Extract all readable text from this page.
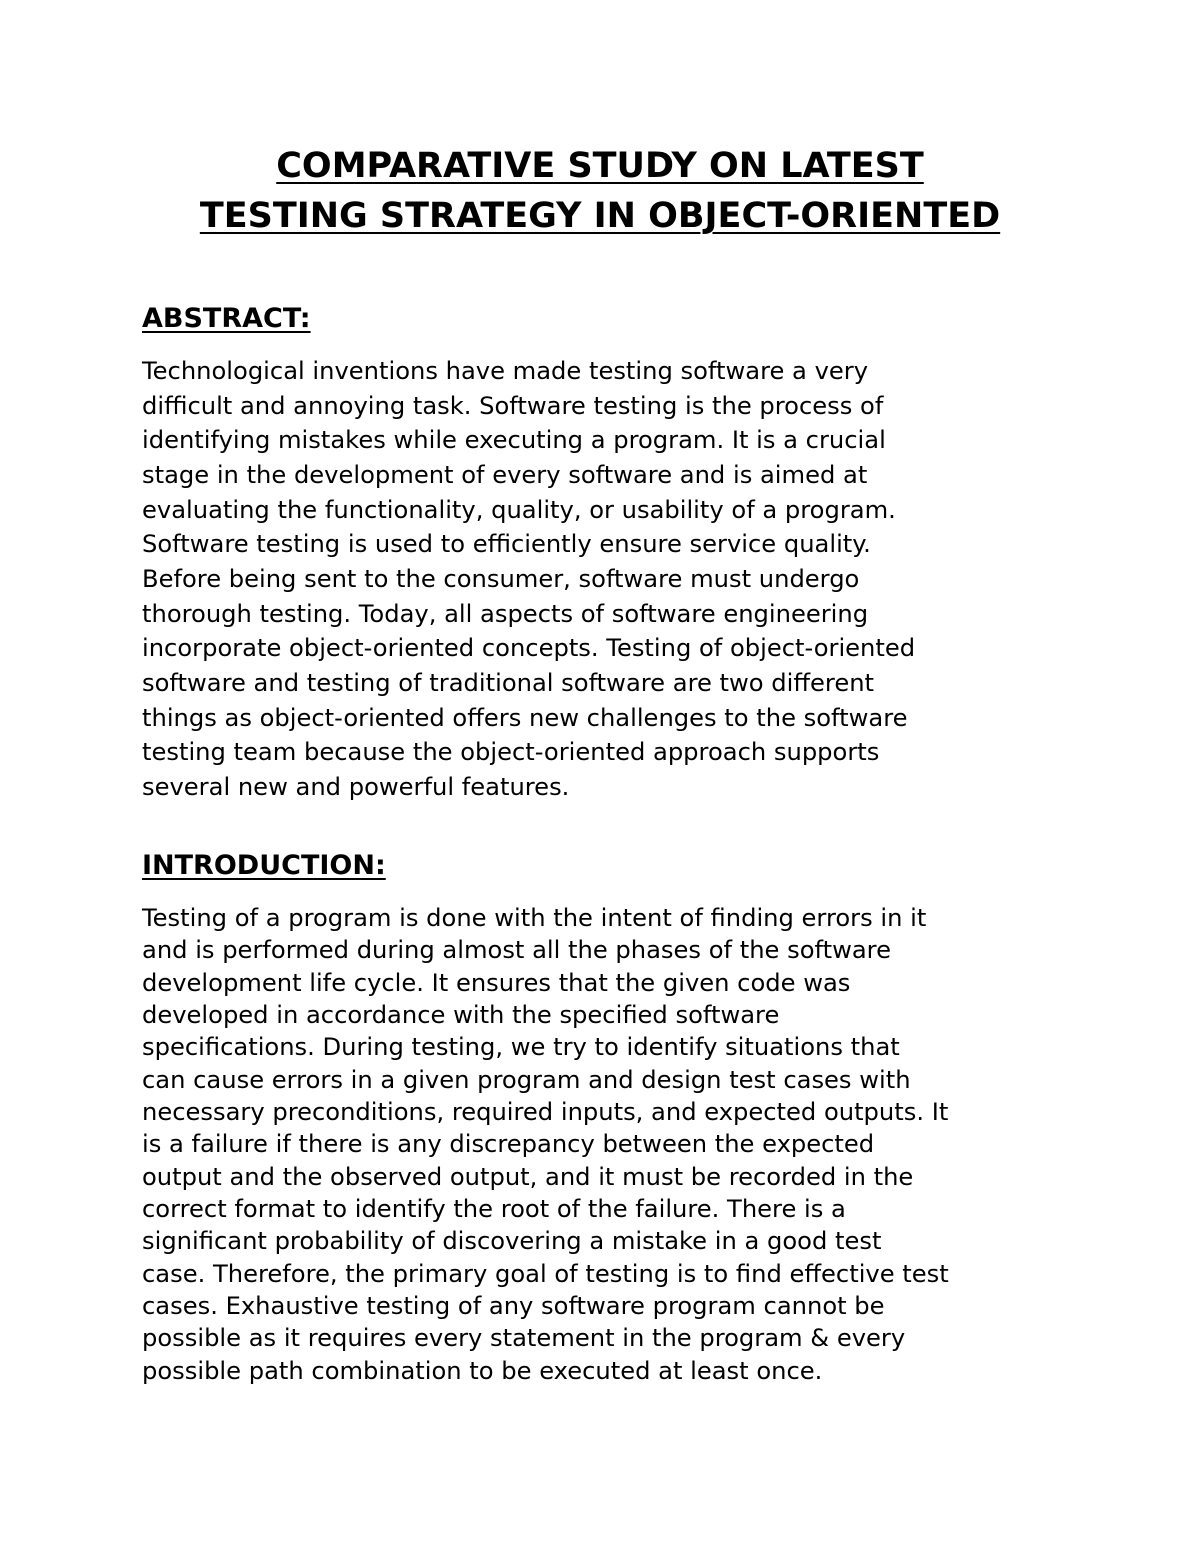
COMPARATIVE STUDY ON LATEST
TESTING STRATEGY IN OBJECT-ORIENTED
ABSTRACT:

Technological inventions have made testing software a very
difficult and annoying task. Software testing is the process of
identifying mistakes while executing a program. It is a crucial
stage in the development of every software and is aimed at
evaluating the functionality, quality, or usability of a program.
Software testing is used to efficiently ensure service quality.
Before being sent to the consumer, software must undergo
thorough testing. Today, all aspects of software engineering
incorporate object-oriented concepts. Testing of object-oriented
software and testing of traditional software are two different
things as object-oriented offers new challenges to the software
testing team because the object-oriented approach supports
several new and powerful features.

INTRODUCTION:

Testing of a program is done with the intent of finding errors in it
and is performed during almost all the phases of the software
development life cycle. It ensures that the given code was
developed in accordance with the specified software
specifications. During testing, we try to identify situations that
can cause errors in a given program and design test cases with
necessary preconditions, required inputs, and expected outputs. It
is a failure if there is any discrepancy between the expected
output and the observed output, and it must be recorded in the
correct format to identify the root of the failure. There is a
significant probability of discovering a mistake in a good test
case. Therefore, the primary goal of testing is to find effective test
cases. Exhaustive testing of any software program cannot be
possible as it requires every statement in the program & every
possible path combination to be executed at least once.
